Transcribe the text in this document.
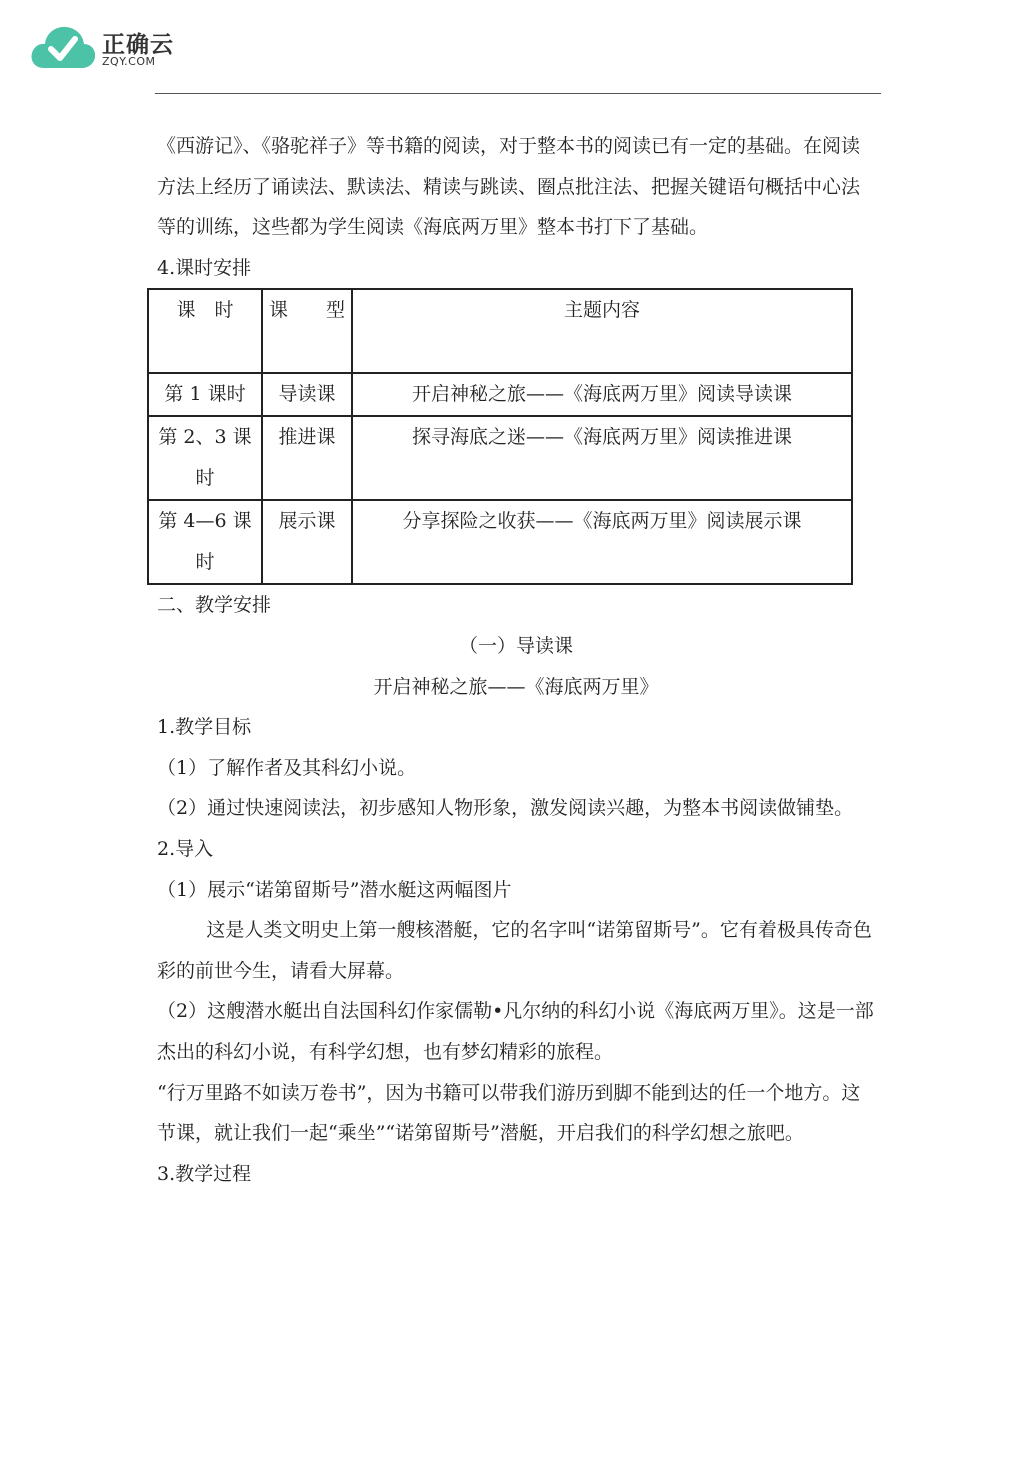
正确云
ZQY.COM

《西游记》、《骆驼祥子》等书籍的阅读，对于整本书的阅读已有一定的基础。在阅读方法上经历了诵读法、默读法、精读与跳读、圈点批注法、把握关键语句概括中心法等的训练，这些都为学生阅读《海底两万里》整本书打下了基础。

4.课时安排

课　时	课　　型	主题内容
第 1 课时	导读课	开启神秘之旅——《海底两万里》阅读导读课
第 2、3 课时	推进课	探寻海底之迷——《海底两万里》阅读推进课
第 4—6 课时	展示课	分享探险之收获——《海底两万里》阅读展示课

二、教学安排

（一）导读课

开启神秘之旅——《海底两万里》

1.教学目标

（1）了解作者及其科幻小说。

（2）通过快速阅读法，初步感知人物形象，激发阅读兴趣，为整本书阅读做铺垫。

2.导入

（1）展示“诺第留斯号”潜水艇这两幅图片

这是人类文明史上第一艘核潜艇，它的名字叫“诺第留斯号”。它有着极具传奇色彩的前世今生，请看大屏幕。

（2）这艘潜水艇出自法国科幻作家儒勒•凡尔纳的科幻小说《海底两万里》。这是一部杰出的科幻小说，有科学幻想，也有梦幻精彩的旅程。

“行万里路不如读万卷书”，因为书籍可以带我们游历到脚不能到达的任一个地方。这节课，就让我们一起“乘坐”“诺第留斯号”潜艇，开启我们的科学幻想之旅吧。

3.教学过程
